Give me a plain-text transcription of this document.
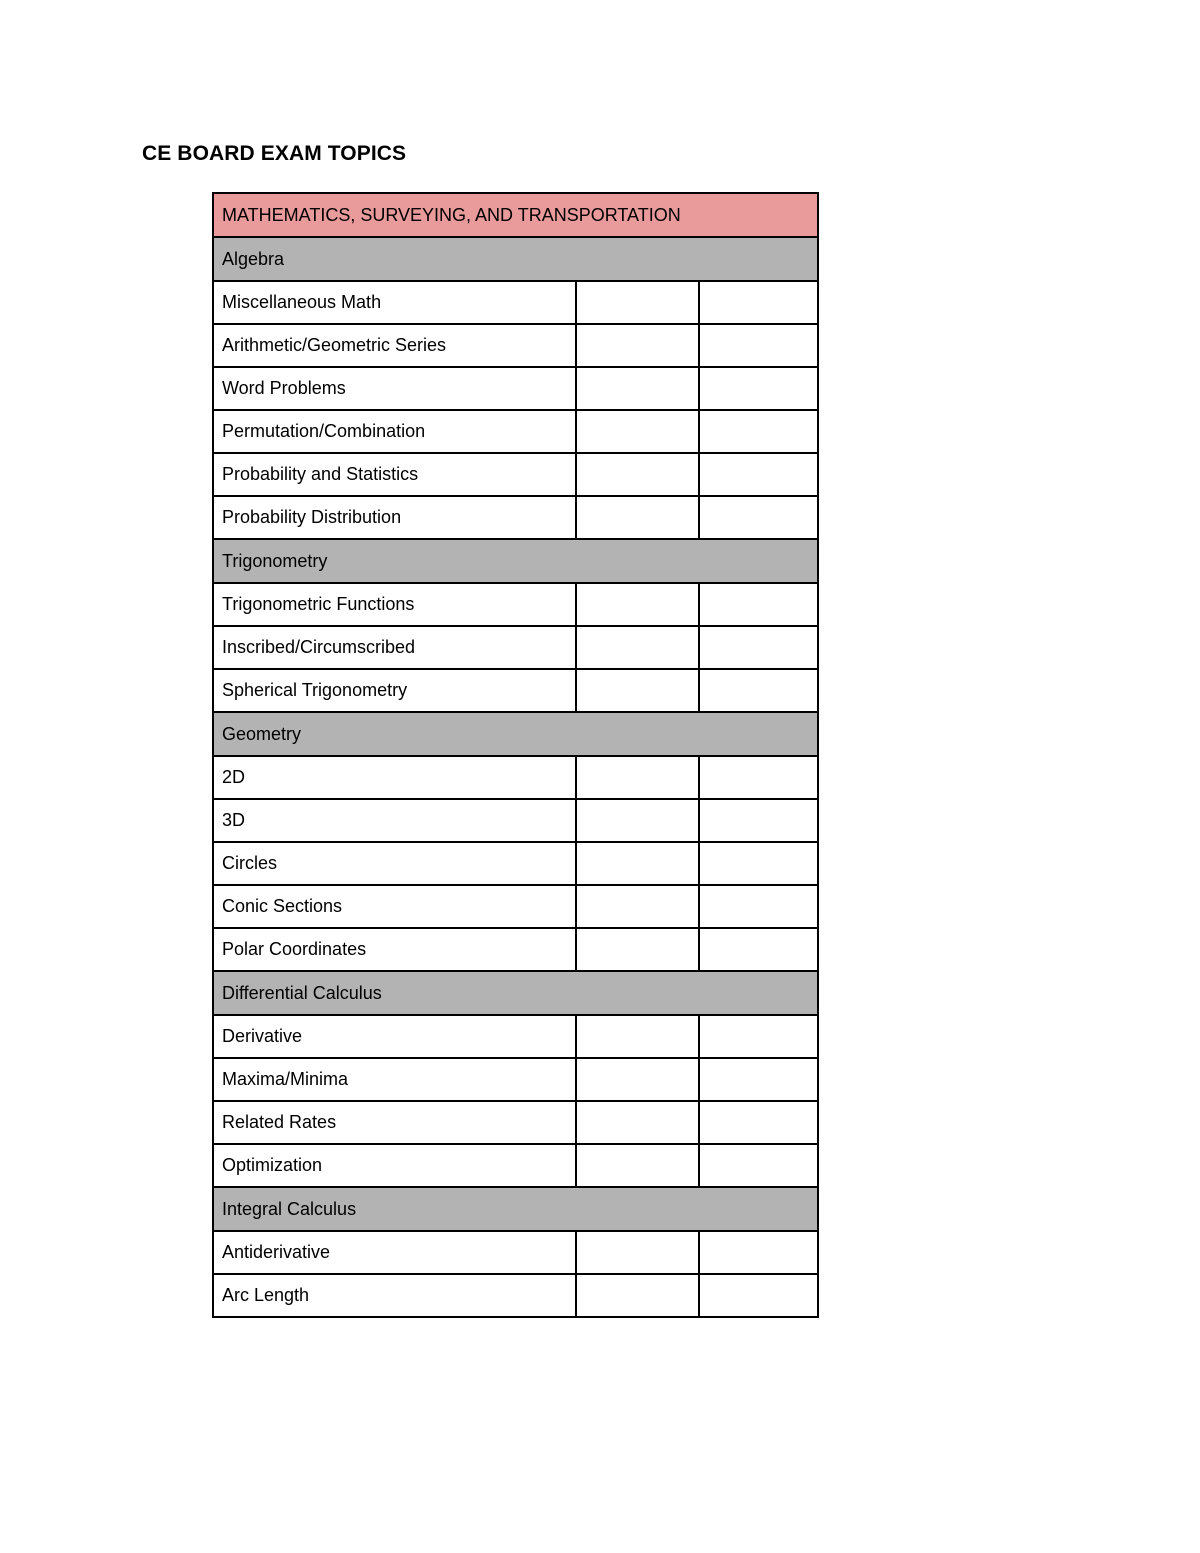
CE BOARD EXAM TOPICS
MATHEMATICS, SURVEYING, AND TRANSPORTATION		
Algebra		
Miscellaneous Math		
Arithmetic/Geometric Series		
Word Problems		
Permutation/Combination		
Probability and Statistics		
Probability Distribution		
Trigonometry		
Trigonometric Functions		
Inscribed/Circumscribed		
Spherical Trigonometry		
Geometry		
2D		
3D		
Circles		
Conic Sections		
Polar Coordinates		
Differential Calculus		
Derivative		
Maxima/Minima		
Related Rates		
Optimization		
Integral Calculus		
Antiderivative		
Arc Length		
